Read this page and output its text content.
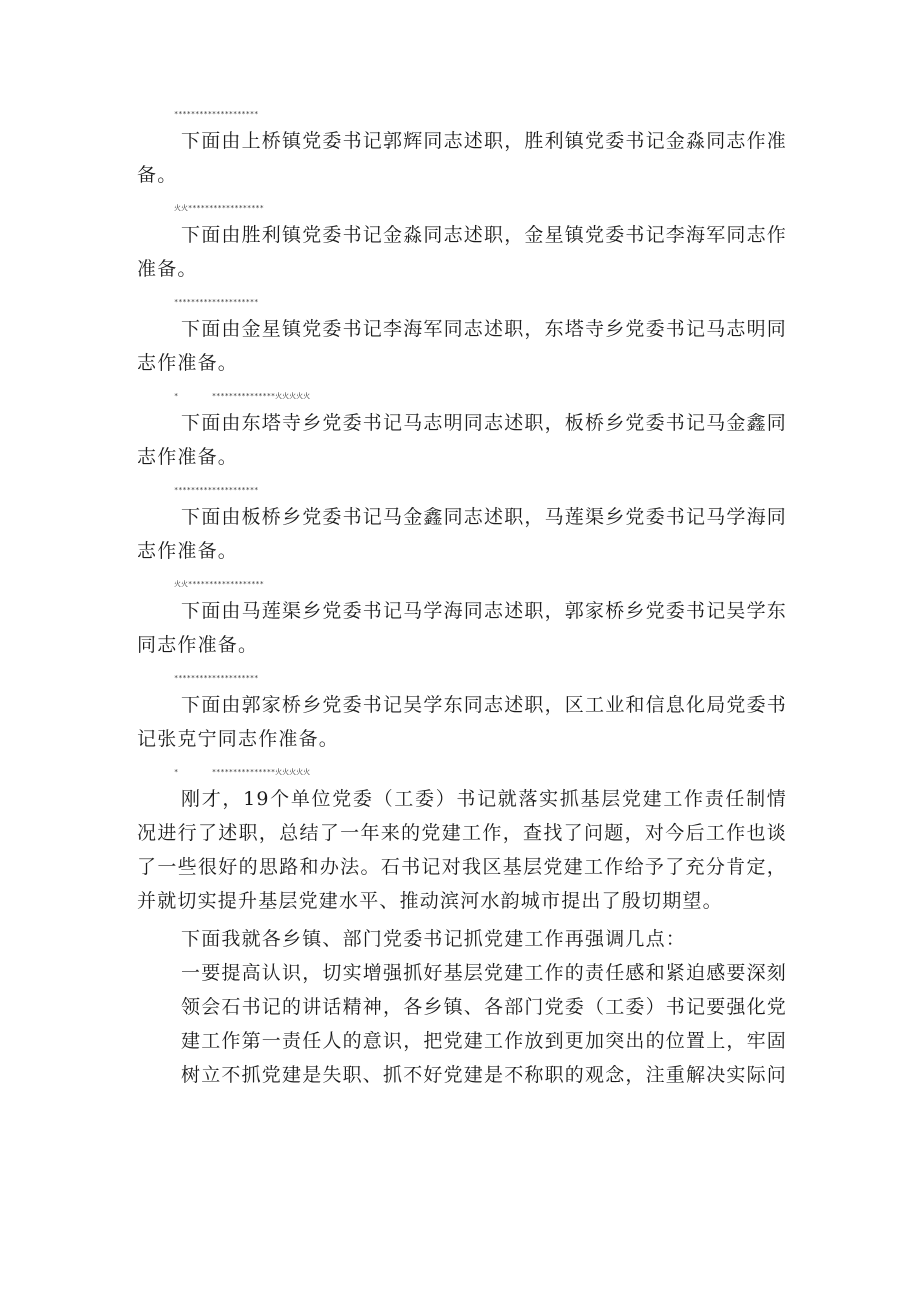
********************

下面由上桥镇党委书记郭辉同志述职，胜利镇党委书记金淼同志作准备。

火火******************

下面由胜利镇党委书记金淼同志述职，金星镇党委书记李海军同志作准备。

********************

下面由金星镇党委书记李海军同志述职，东塔寺乡党委书记马志明同志作准备。

*        ***************火火火火火

下面由东塔寺乡党委书记马志明同志述职，板桥乡党委书记马金鑫同志作准备。

********************

下面由板桥乡党委书记马金鑫同志述职，马莲渠乡党委书记马学海同志作准备。

火火******************

下面由马莲渠乡党委书记马学海同志述职，郭家桥乡党委书记吴学东同志作准备。

********************

下面由郭家桥乡党委书记吴学东同志述职，区工业和信息化局党委书记张克宁同志作准备。

*        ***************火火火火火

刚才，19个单位党委（工委）书记就落实抓基层党建工作责任制情况进行了述职，总结了一年来的党建工作，查找了问题，对今后工作也谈了一些很好的思路和办法。石书记对我区基层党建工作给予了充分肯定，并就切实提升基层党建水平、推动滨河水韵城市提出了殷切期望。

下面我就各乡镇、部门党委书记抓党建工作再强调几点：

一要提高认识，切实增强抓好基层党建工作的责任感和紧迫感要深刻领会石书记的讲话精神，各乡镇、各部门党委（工委）书记要强化党建工作第一责任人的意识，把党建工作放到更加突出的位置上，牢固树立不抓党建是失职、抓不好党建是不称职的观念，注重解决实际问
